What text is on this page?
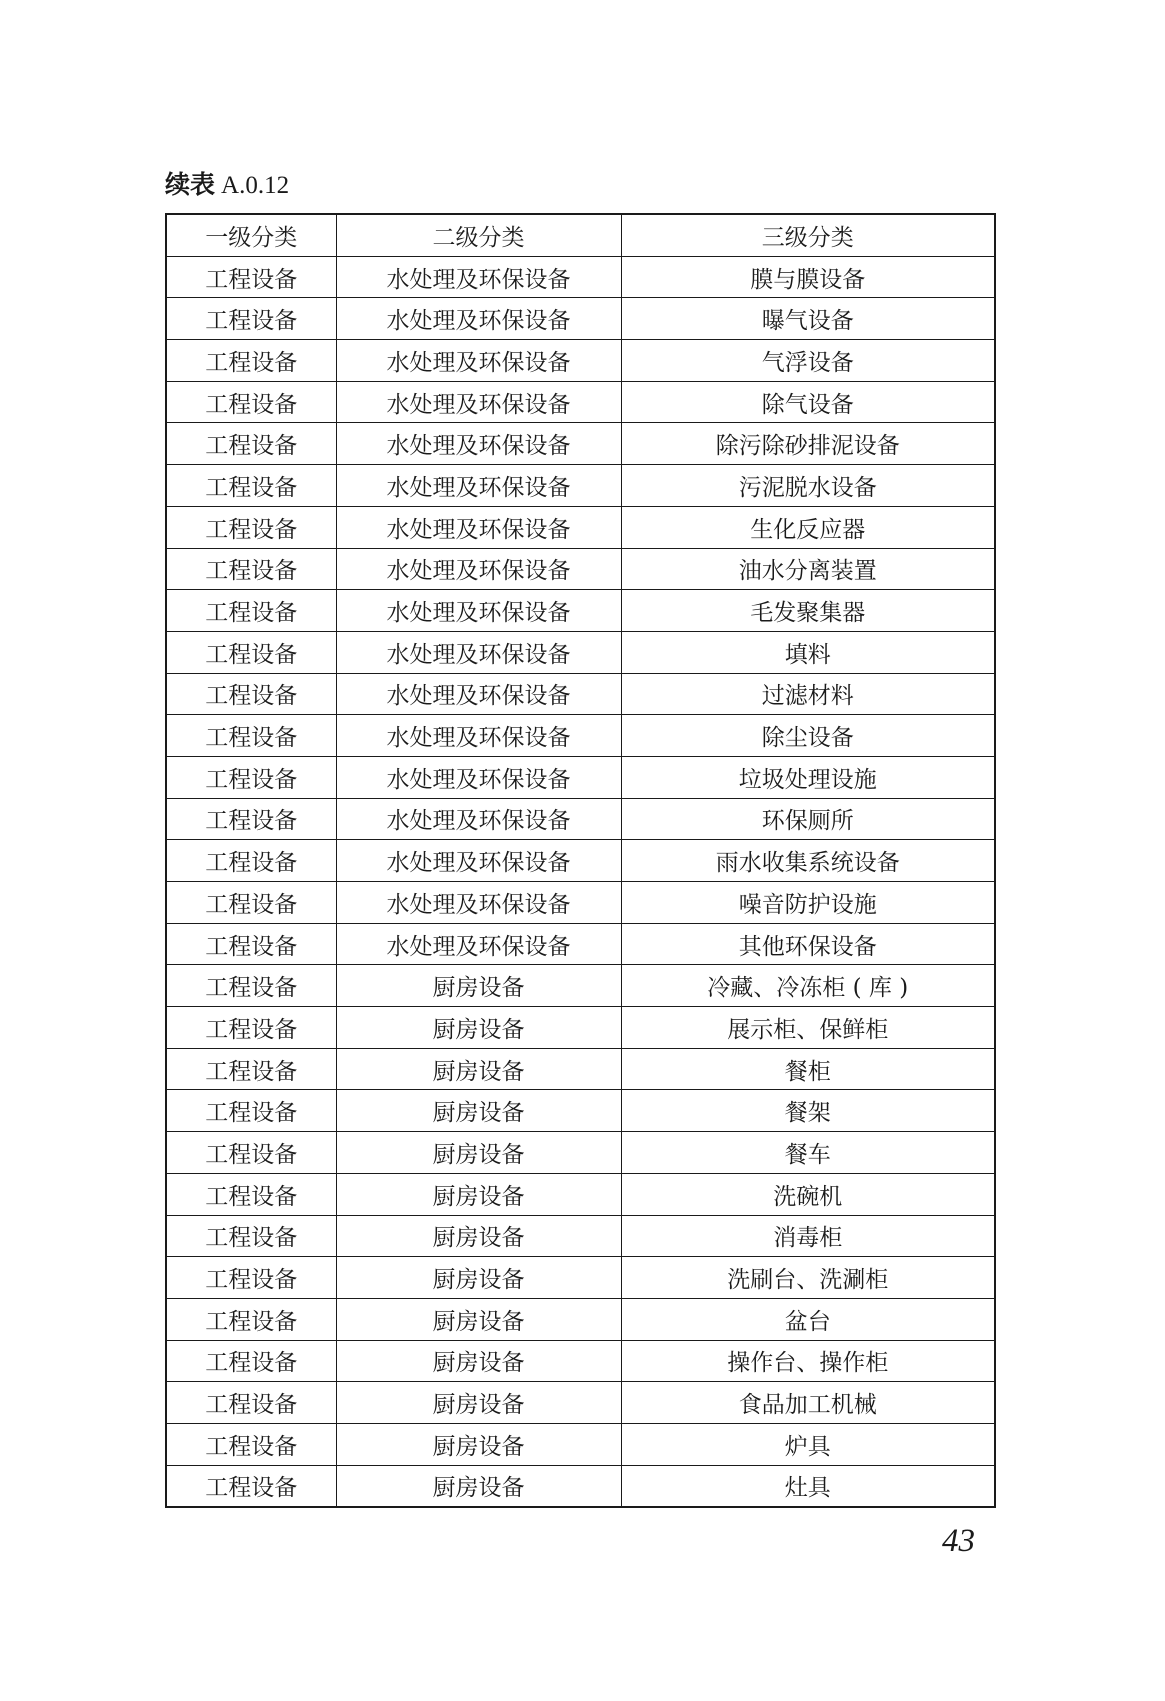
续表 A.0.12
一级分类	二级分类	三级分类
工程设备	水处理及环保设备	膜与膜设备
工程设备	水处理及环保设备	曝气设备
工程设备	水处理及环保设备	气浮设备
工程设备	水处理及环保设备	除气设备
工程设备	水处理及环保设备	除污除砂排泥设备
工程设备	水处理及环保设备	污泥脱水设备
工程设备	水处理及环保设备	生化反应器
工程设备	水处理及环保设备	油水分离装置
工程设备	水处理及环保设备	毛发聚集器
工程设备	水处理及环保设备	填料
工程设备	水处理及环保设备	过滤材料
工程设备	水处理及环保设备	除尘设备
工程设备	水处理及环保设备	垃圾处理设施
工程设备	水处理及环保设备	环保厕所
工程设备	水处理及环保设备	雨水收集系统设备
工程设备	水处理及环保设备	噪音防护设施
工程设备	水处理及环保设备	其他环保设备
工程设备	厨房设备	冷藏、冷冻柜 ( 库 )
工程设备	厨房设备	展示柜、保鲜柜
工程设备	厨房设备	餐柜
工程设备	厨房设备	餐架
工程设备	厨房设备	餐车
工程设备	厨房设备	洗碗机
工程设备	厨房设备	消毒柜
工程设备	厨房设备	洗刷台、洗涮柜
工程设备	厨房设备	盆台
工程设备	厨房设备	操作台、操作柜
工程设备	厨房设备	食品加工机械
工程设备	厨房设备	炉具
工程设备	厨房设备	灶具
43
